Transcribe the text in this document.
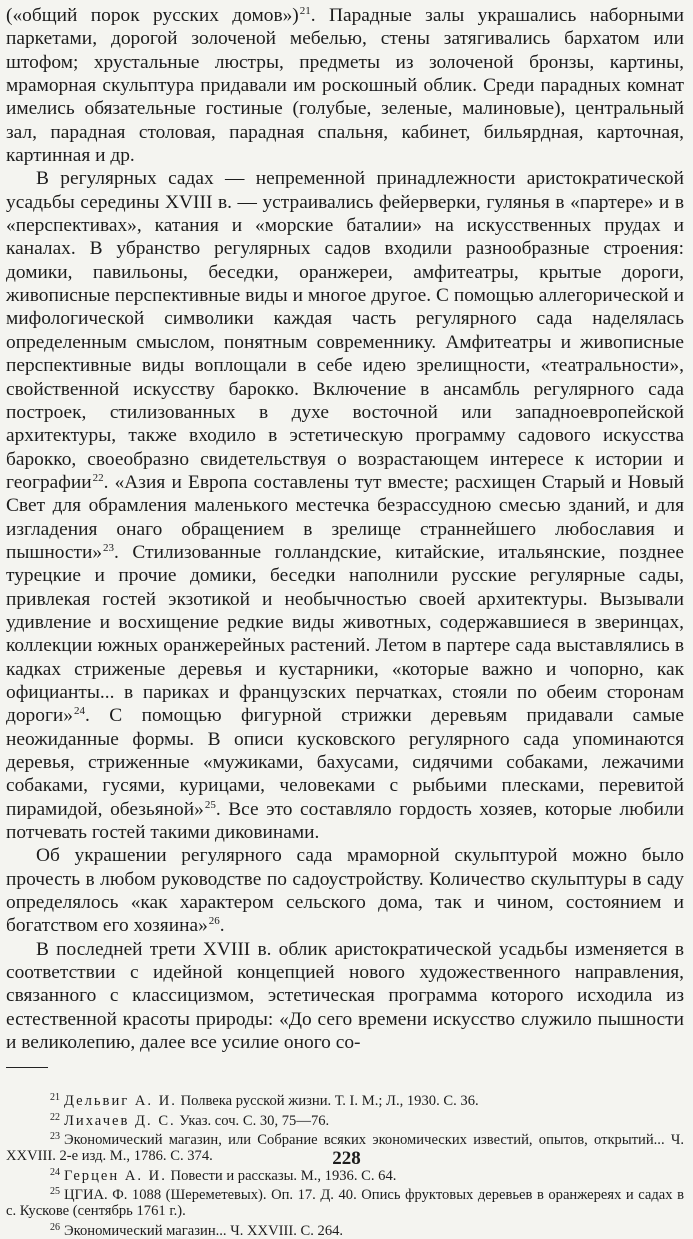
(«общий порок русских домов»)$^{21}$. Парадные залы украшались наборными паркетами, дорогой золоченой мебелью, стены затягивались бархатом или штофом; хрустальные люстры, предметы из золоченой бронзы, картины, мраморная скульптура придавали им роскошный облик. Среди парадных комнат имелись обязательные гостиные (голубые, зеленые, малиновые), центральный зал, парадная столовая, парадная спальня, кабинет, бильярдная, карточная, картинная и др.

В регулярных садах — непременной принадлежности аристократической усадьбы середины XVIII в. — устраивались фейерверки, гулянья в «партере» и в «перспективах», катания и «морские баталии» на искусственных прудах и каналах. В убранство регулярных садов входили разнообразные строения: домики, павильоны, беседки, оранжереи, амфитеатры, крытые дороги, живописные перспективные виды и многое другое. С помощью аллегорической и мифологической символики каждая часть регулярного сада наделялась определенным смыслом, понятным современнику. Амфитеатры и живописные перспективные виды воплощали в себе идею зрелищности, «театральности», свойственной искусству барокко. Включение в ансамбль регулярного сада построек, стилизованных в духе восточной или западноевропейской архитектуры, также входило в эстетическую программу садового искусства барокко, своеобразно свидетельствуя о возрастающем интересе к истории и географии$^{22}$. «Азия и Европа составлены тут вместе; расхищен Старый и Новый Свет для обрамления маленького местечка безрассудною смесью зданий, и для изгладения онаго обращением в зрелище страннейшего любославия и пышности»$^{23}$. Стилизованные голландские, китайские, итальянские, позднее турецкие и прочие домики, беседки наполнили русские регулярные сады, привлекая гостей экзотикой и необычностью своей архитектуры. Вызывали удивление и восхищение редкие виды животных, содержавшиеся в зверинцах, коллекции южных оранжерейных растений. Летом в партере сада выставлялись в кадках стриженые деревья и кустарники, «которые важно и чопорно, как официанты... в париках и французских перчатках, стояли по обеим сторонам дороги»$^{24}$. С помощью фигурной стрижки деревьям придавали самые неожиданные формы. В описи кусковского регулярного сада упоминаются деревья, стриженные «мужиками, бахусами, сидячими собаками, лежачими собаками, гусями, курицами, человеками с рыбьими плесками, перевитой пирамидой, обезьяной»$^{25}$. Все это составляло гордость хозяев, которые любили потчевать гостей такими диковинами.

Об украшении регулярного сада мраморной скульптурой можно было прочесть в любом руководстве по садоустройству. Количество скульптуры в саду определялось «как характером сельского дома, так и чином, состоянием и богатством его хозяина»$^{26}$.

В последней трети XVIII в. облик аристократической усадьбы изменяется в соответствии с идейной концепцией нового художественного направления, связанного с классицизмом, эстетическая программа которого исходила из естественной красоты природы: «До сего времени искусство служило пышности и великолепию, далее все усилие оного со-

$^{21}$ Дельвиг А. И. Полвека русской жизни. Т. I. М.; Л., 1930. С. 36.

$^{22}$ Лихачев Д. С. Указ. соч. С. 30, 75—76.

$^{23}$ Экономический магазин, или Собрание всяких экономических известий, опытов, открытий... Ч. XXVIII. 2-е изд. М., 1786. С. 374.

$^{24}$ Герцен А. И. Повести и рассказы. М., 1936. С. 64.

$^{25}$ ЦГИА. Ф. 1088 (Шереметевых). Оп. 17. Д. 40. Опись фруктовых деревьев в оранжереях и садах в с. Кускове (сентябрь 1761 г.).

$^{26}$ Экономический магазин... Ч. XXVIII. С. 264.

228
